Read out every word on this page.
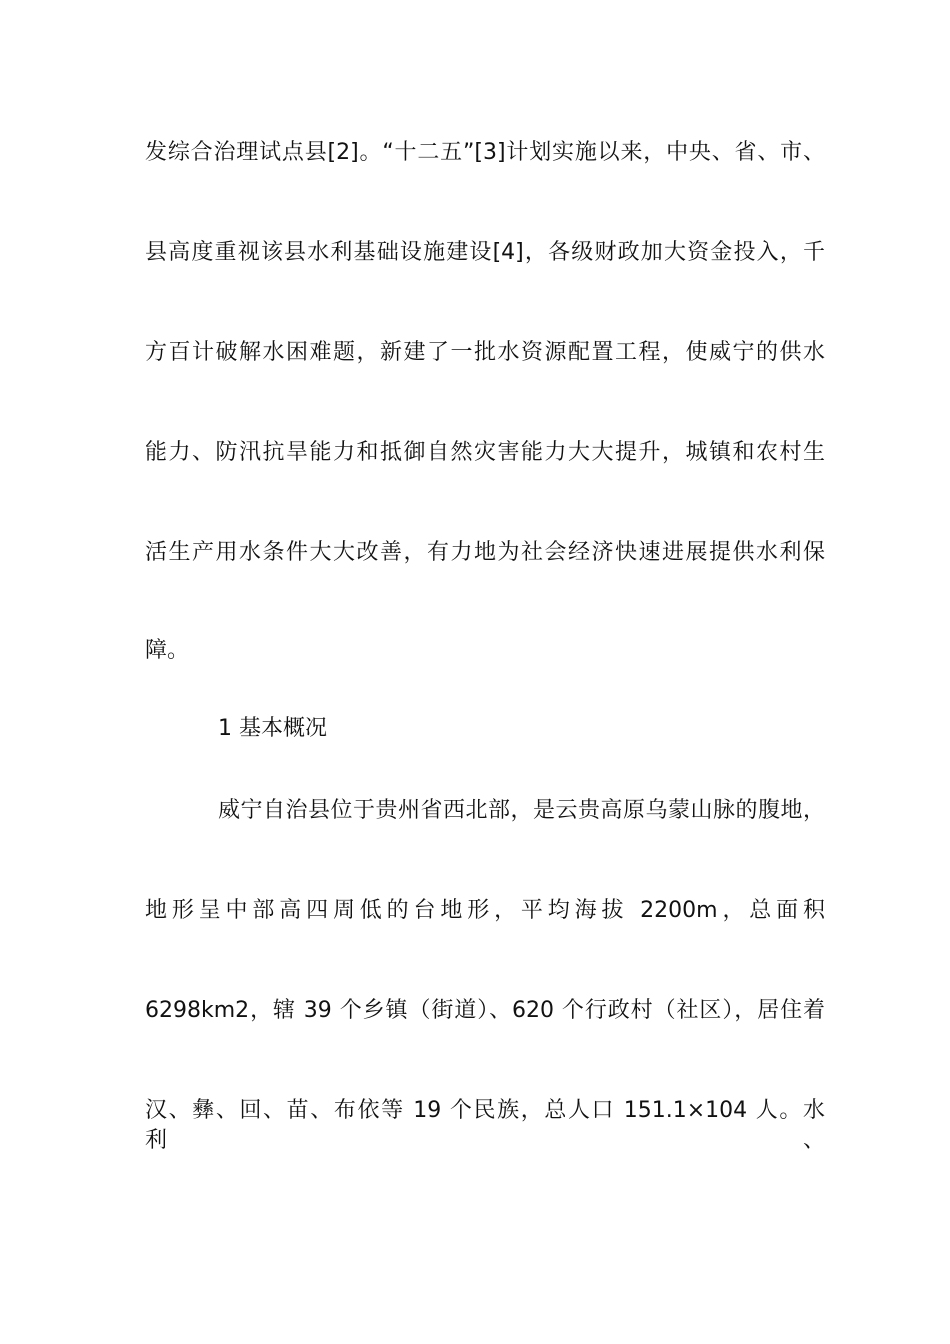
发综合治理试点县[2]。“十二五”[3]计划实施以来，中央、省、市、
县高度重视该县水利基础设施建设[4]，各级财政加大资金投入，千
方百计破解水困难题，新建了一批水资源配置工程，使威宁的供水
能力、防汛抗旱能力和抵御自然灾害能力大大提升，城镇和农村生
活生产用水条件大大改善，有力地为社会经济快速进展提供水利保
障。
1 基本概况
威宁自治县位于贵州省西北部，是云贵高原乌蒙山脉的腹地，
地形呈中部高四周低的台地形，平均海拔 2200m，总面积
6298km2，辖 39 个乡镇（街道）、620 个行政村（社区），居住着
汉、彝、回、苗、布依等 19 个民族，总人口 151.1×104 人。水利、
